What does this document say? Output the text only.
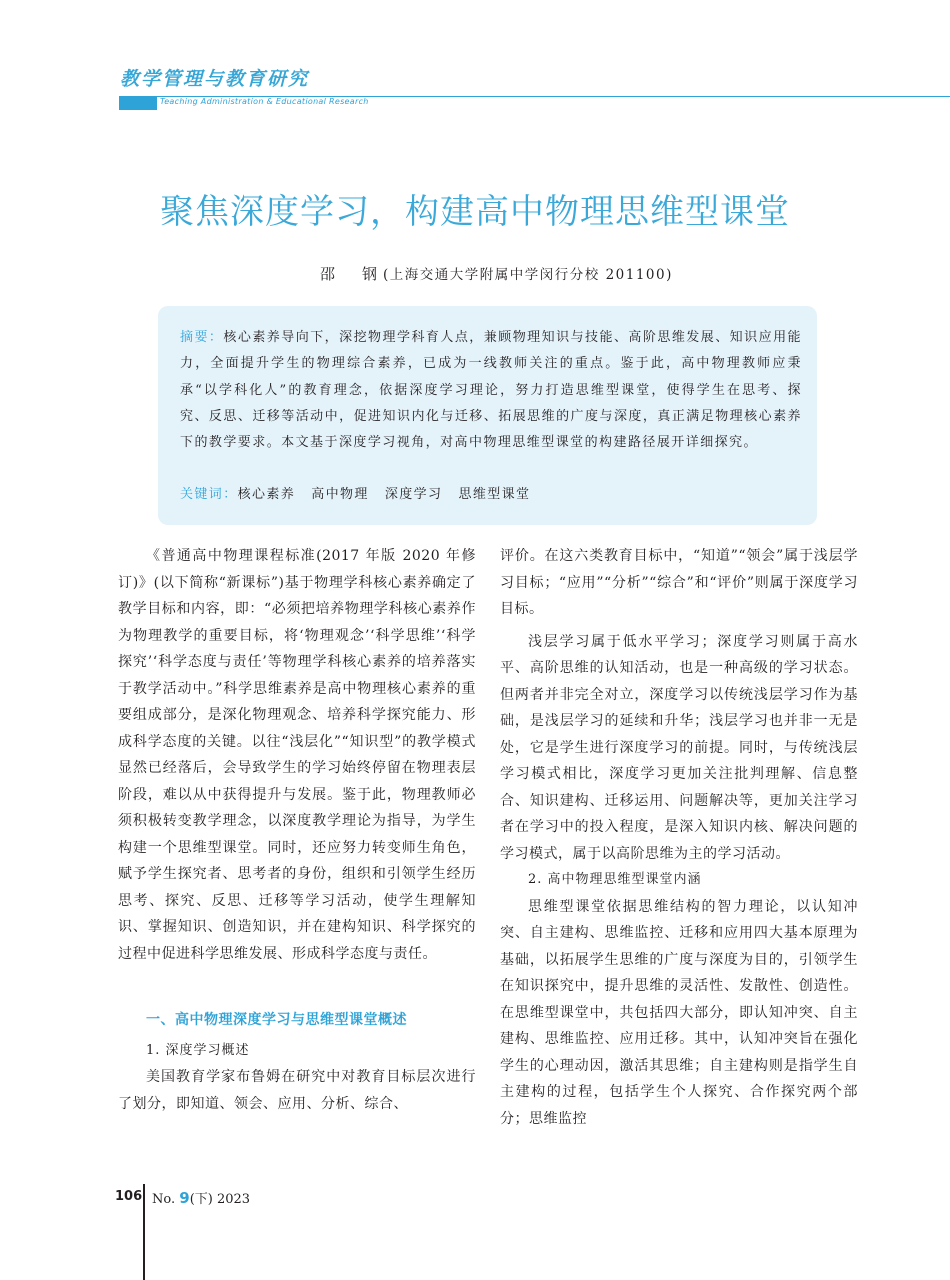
教学管理与教育研究
Teaching Administration & Educational Research
聚焦深度学习，构建高中物理思维型课堂
邵　钢(上海交通大学附属中学闵行分校 201100)
摘要：核心素养导向下，深挖物理学科育人点，兼顾物理知识与技能、高阶思维发展、知识应用能力，全面提升学生的物理综合素养，已成为一线教师关注的重点。鉴于此，高中物理教师应秉承“以学科化人”的教育理念，依据深度学习理论，努力打造思维型课堂，使得学生在思考、探究、反思、迁移等活动中，促进知识内化与迁移、拓展思维的广度与深度，真正满足物理核心素养下的教学要求。本文基于深度学习视角，对高中物理思维型课堂的构建路径展开详细探究。
关键词：核心素养 高中物理 深度学习 思维型课堂

《普通高中物理课程标准(2017 年版 2020 年修订)》(以下简称“新课标”)基于物理学科核心素养确定了教学目标和内容，即：“必须把培养物理学科核心素养作为物理教学的重要目标，将‘物理观念’‘科学思维’‘科学探究’‘科学态度与责任’等物理学科核心素养的培养落实于教学活动中。”科学思维素养是高中物理核心素养的重要组成部分，是深化物理观念、培养科学探究能力、形成科学态度的关键。以往“浅层化”“知识型”的教学模式显然已经落后，会导致学生的学习始终停留在物理表层阶段，难以从中获得提升与发展。鉴于此，物理教师必须积极转变教学理念，以深度教学理论为指导，为学生构建一个思维型课堂。同时，还应努力转变师生角色，赋予学生探究者、思考者的身份，组织和引领学生经历思考、探究、反思、迁移等学习活动，使学生理解知识、掌握知识、创造知识，并在建构知识、科学探究的过程中促进科学思维发展、形成科学态度与责任。

一、高中物理深度学习与思维型课堂概述

1. 深度学习概述

美国教育学家布鲁姆在研究中对教育目标层次进行了划分，即知道、领会、应用、分析、综合、

评价。在这六类教育目标中，“知道”“领会”属于浅层学习目标；“应用”“分析”“综合”和“评价”则属于深度学习目标。

浅层学习属于低水平学习；深度学习则属于高水平、高阶思维的认知活动，也是一种高级的学习状态。但两者并非完全对立，深度学习以传统浅层学习作为基础，是浅层学习的延续和升华；浅层学习也并非一无是处，它是学生进行深度学习的前提。同时，与传统浅层学习模式相比，深度学习更加关注批判理解、信息整合、知识建构、迁移运用、问题解决等，更加关注学习者在学习中的投入程度，是深入知识内核、解决问题的学习模式，属于以高阶思维为主的学习活动。

2. 高中物理思维型课堂内涵

思维型课堂依据思维结构的智力理论，以认知冲突、自主建构、思维监控、迁移和应用四大基本原理为基础，以拓展学生思维的广度与深度为目的，引领学生在知识探究中，提升思维的灵活性、发散性、创造性。在思维型课堂中，共包括四大部分，即认知冲突、自主建构、思维监控、应用迁移。其中，认知冲突旨在强化学生的心理动因，激活其思维；自主建构则是指学生自主建构的过程，包括学生个人探究、合作探究两个部分；思维监控

106 No. 9(下) 2023
